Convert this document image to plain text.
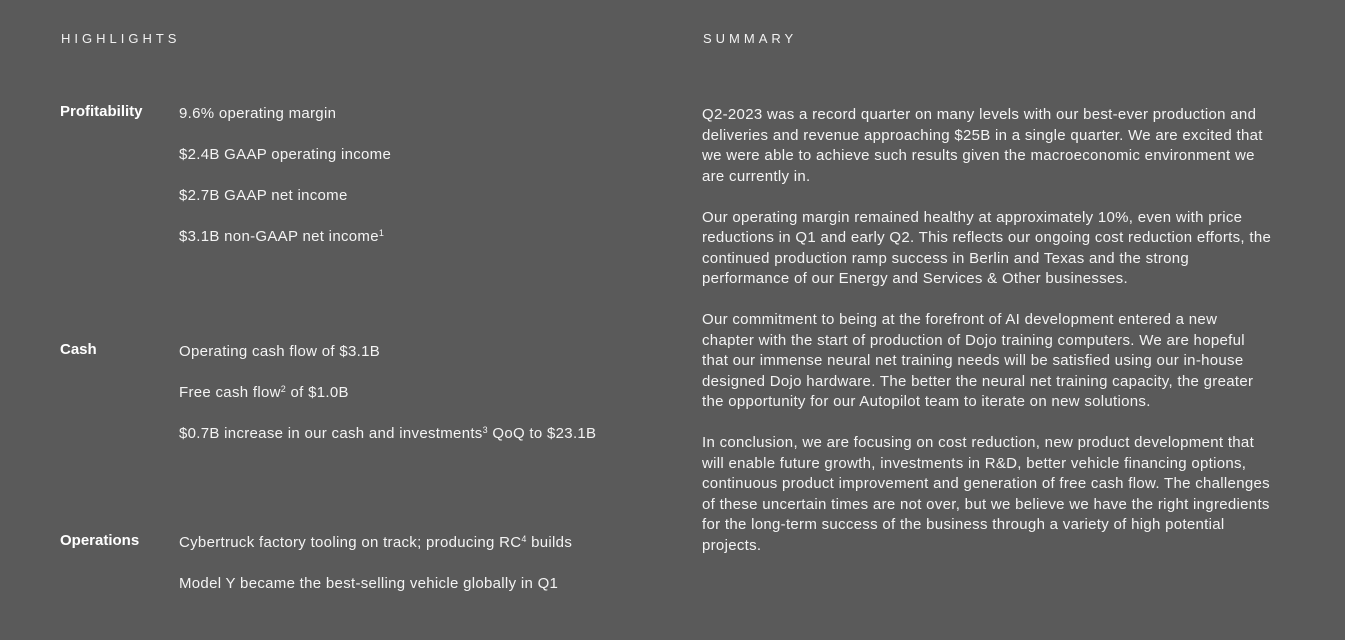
HIGHLIGHTS
Profitability 9.6% operating margin
$2.4B GAAP operating income
$2.7B GAAP net income
$3.1B non-GAAP net income$^1$
Cash	Operating cash flow of $3.1B
Free cash flow$^2$ of $1.0B
$0.7B increase in our cash and investments$^3$ QoQ to $23.1B
Operations	Cybertruck factory tooling on track; producing $RC^4$ builds
Model Y became the best-selling vehicle globally in Q1
SUMMARY

Q2-2023 was a record quarter on many levels with our best-ever production and deliveries and revenue approaching $25B in a single quarter. We are excited that we were able to achieve such results given the macroeconomic environment we are currently in.

Our operating margin remained healthy at approximately 10%, even with price reductions in Q1 and early Q2. This reflects our ongoing cost reduction efforts, the continued production ramp success in Berlin and Texas and the strong performance of our Energy and Services & Other businesses.

Our commitment to being at the forefront of AI development entered a new chapter with the start of production of Dojo training computers. We are hopeful that our immense neural net training needs will be satisfied using our in-house designed Dojo hardware. The better the neural net training capacity, the greater the opportunity for our Autopilot team to iterate on new solutions.

In conclusion, we are focusing on cost reduction, new product development that will enable future growth, investments in R&D, better vehicle financing options, continuous product improvement and generation of free cash flow. The challenges of these uncertain times are not over, but we believe we have the right ingredients for the long-term success of the business through a variety of high potential projects.
